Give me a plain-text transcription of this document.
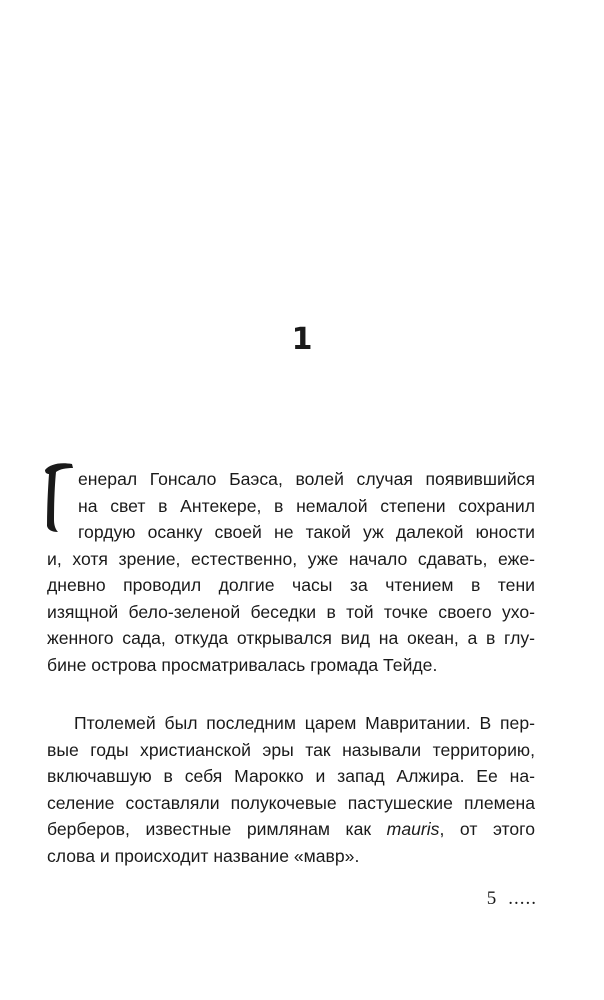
1
енерал Гонсало Баэса, волей случая появившийся
на свет в Антекере, в немалой степени сохранил
гордую осанку своей не такой уж далекой юности
и, хотя зрение, естественно, уже начало сдавать, еже-
дневно проводил долгие часы за чтением в тени
изящной бело-зеленой беседки в той точке своего ухо-
женного сада, откуда открывался вид на океан, а в глу-
бине острова просматривалась громада Тейде.
Птолемей был последним царем Мавритании. В пер-
вые годы христианской эры так называли территорию,
включавшую в себя Марокко и запад Алжира. Ее на-
селение составляли полукочевые пастушеские племена
берберов, известные римлянам как mauris, от этого
слова и происходит название «мавр».
5 .....
